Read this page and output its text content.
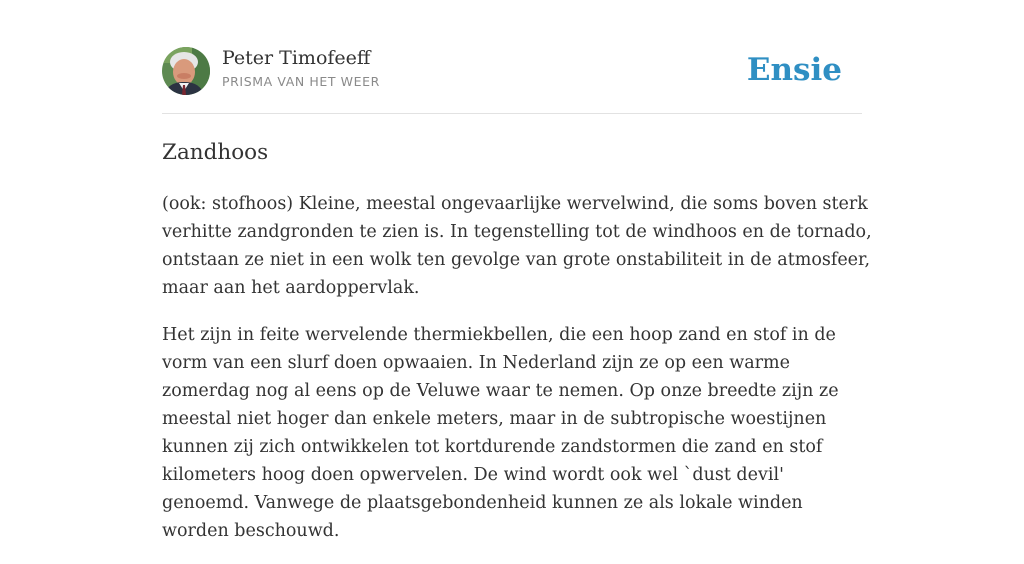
Peter Timofeeff
PRISMA VAN HET WEER	Ensie
Zandhoos

(ook: stofhoos) Kleine, meestal ongevaarlijke wervelwind, die soms boven sterk verhitte zandgronden te zien is. In tegenstelling tot de windhoos en de tornado, ontstaan ze niet in een wolk ten gevolge van grote onstabiliteit in de atmosfeer, maar aan het aardoppervlak.

Het zijn in feite wervelende thermiekbellen, die een hoop zand en stof in de vorm van een slurf doen opwaaien. In Nederland zijn ze op een warme zomerdag nog al eens op de Veluwe waar te nemen. Op onze breedte zijn ze meestal niet hoger dan enkele meters, maar in de subtropische woestijnen kunnen zij zich ontwikkelen tot kortdurende zandstormen die zand en stof kilometers hoog doen opwervelen. De wind wordt ook wel `dust devil' genoemd. Vanwege de plaatsgebondenheid kunnen ze als lokale winden worden beschouwd.
